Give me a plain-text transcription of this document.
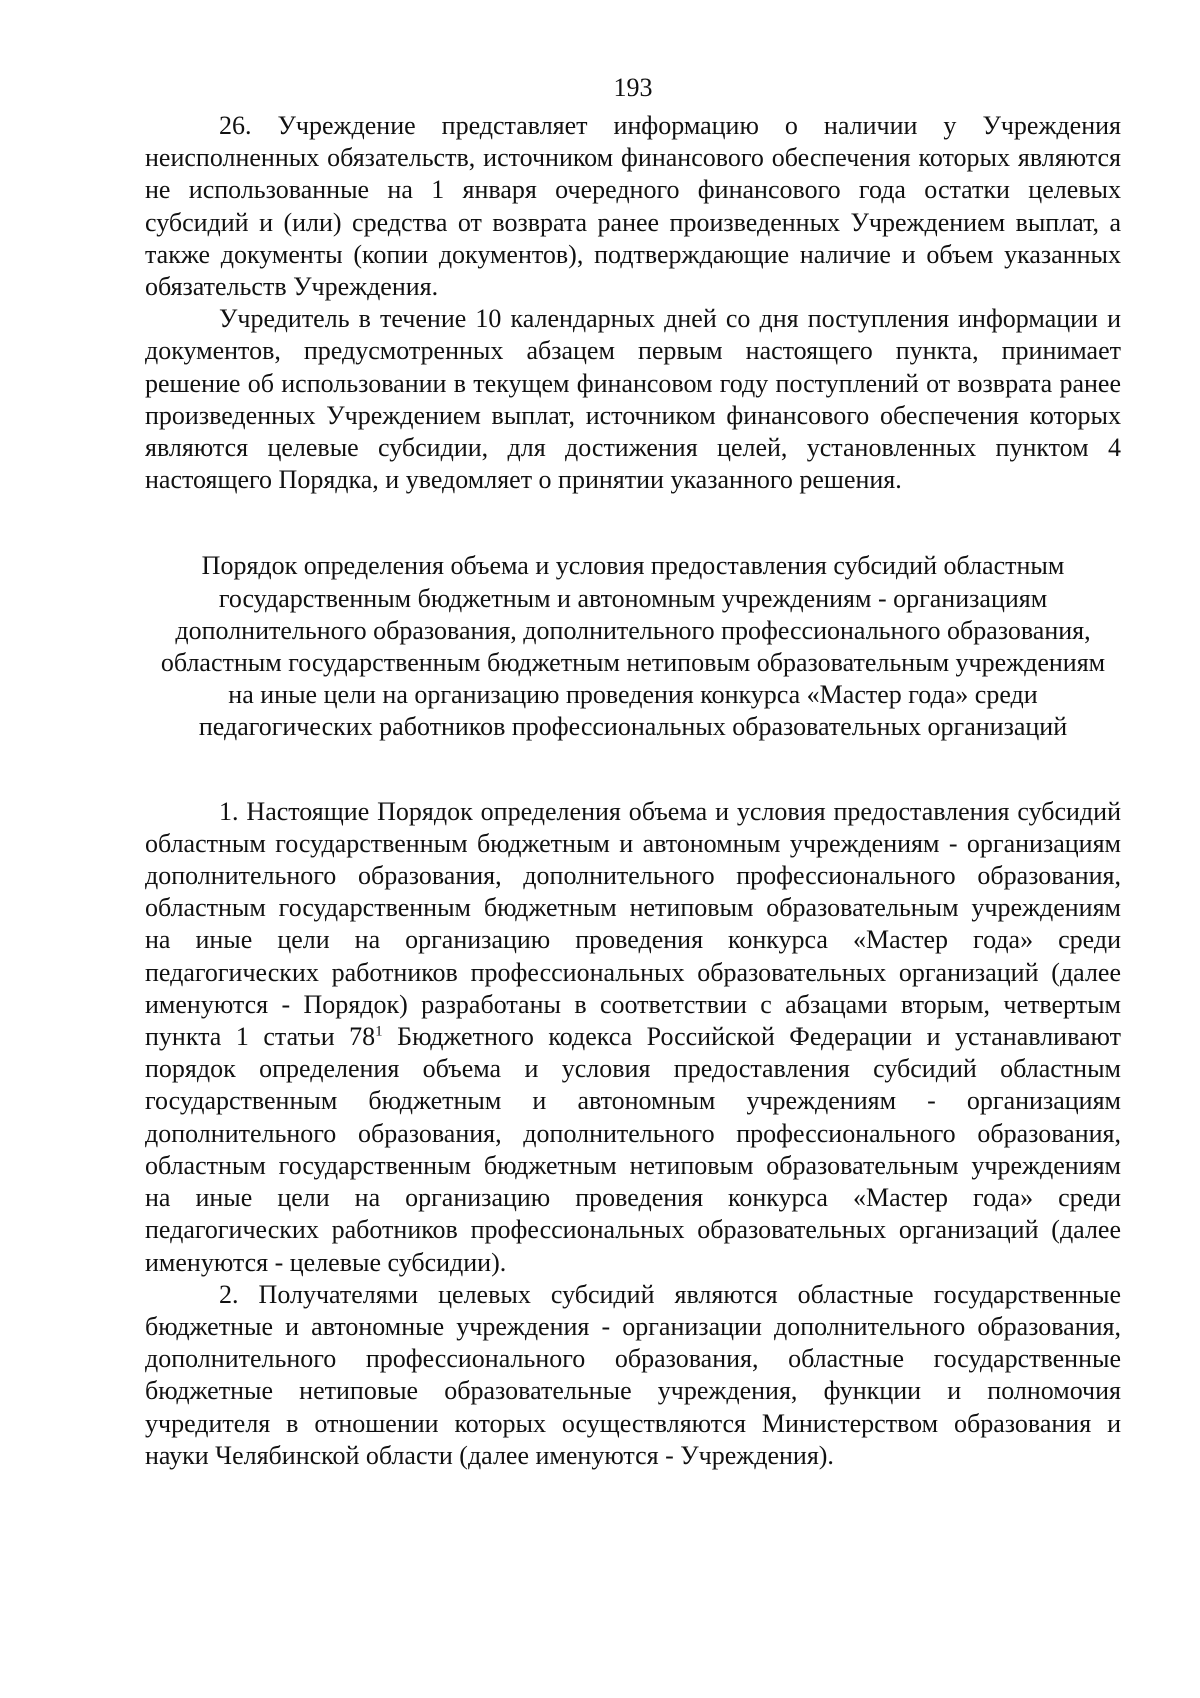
193

26. Учреждение представляет информацию о наличии у Учреждения неисполненных обязательств, источником финансового обеспечения которых являются не использованные на 1 января очередного финансового года остатки целевых субсидий и (или) средства от возврата ранее произведенных Учреждением выплат, а также документы (копии документов), подтверждающие наличие и объем указанных обязательств Учреждения.

Учредитель в течение 10 календарных дней со дня поступления информации и документов, предусмотренных абзацем первым настоящего пункта, принимает решение об использовании в текущем финансовом году поступлений от возврата ранее произведенных Учреждением выплат, источником финансового обеспечения которых являются целевые субсидии, для достижения целей, установленных пунктом 4 настоящего Порядка, и уведомляет о принятии указанного решения.

Порядок определения объема и условия предоставления субсидий областным государственным бюджетным и автономным учреждениям - организациям дополнительного образования, дополнительного профессионального образования, областным государственным бюджетным нетиповым образовательным учреждениям на иные цели на организацию проведения конкурса «Мастер года» среди педагогических работников профессиональных образовательных организаций

1. Настоящие Порядок определения объема и условия предоставления субсидий областным государственным бюджетным и автономным учреждениям - организациям дополнительного образования, дополнительного профессионального образования, областным государственным бюджетным нетиповым образовательным учреждениям на иные цели на организацию проведения конкурса «Мастер года» среди педагогических работников профессиональных образовательных организаций (далее именуются - Порядок) разработаны в соответствии с абзацами вторым, четвертым пункта 1 статьи $78^1$ Бюджетного кодекса Российской Федерации и устанавливают порядок определения объема и условия предоставления субсидий областным государственным бюджетным и автономным учреждениям - организациям дополнительного образования, дополнительного профессионального образования, областным государственным бюджетным нетиповым образовательным учреждениям на иные цели на организацию проведения конкурса «Мастер года» среди педагогических работников профессиональных образовательных организаций (далее именуются - целевые субсидии).

2. Получателями целевых субсидий являются областные государственные бюджетные и автономные учреждения - организации дополнительного образования, дополнительного профессионального образования, областные государственные бюджетные нетиповые образовательные учреждения, функции и полномочия учредителя в отношении которых осуществляются Министерством образования и науки Челябинской области (далее именуются - Учреждения).
